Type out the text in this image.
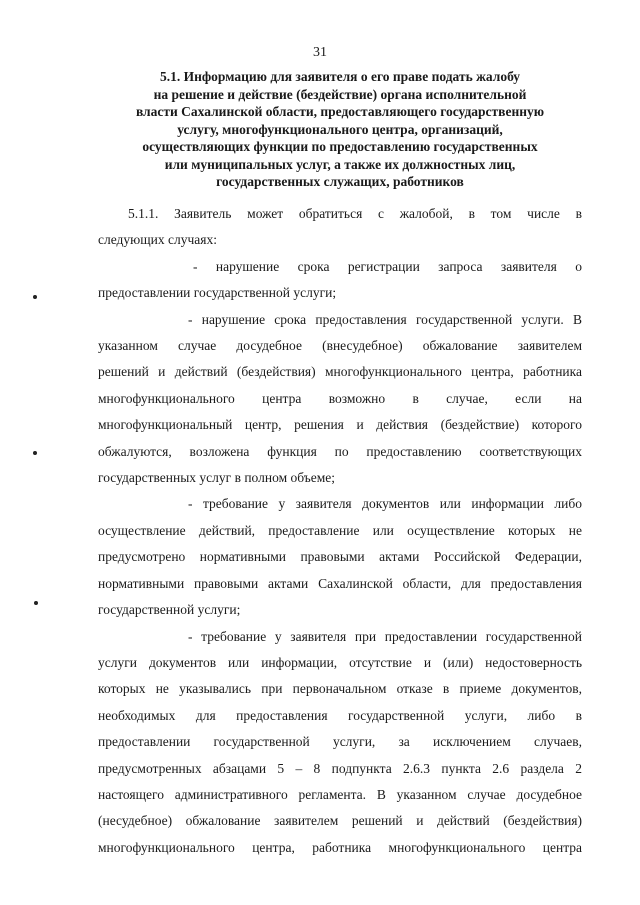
31
5.1. Информацию для заявителя о его праве подать жалобу
на решение и действие (бездействие) органа исполнительной
власти Сахалинской области, предоставляющего государственную
услугу, многофункционального центра, организаций,
осуществляющих функции по предоставлению государственных
или муниципальных услуг, а также их должностных лиц,
государственных служащих, работников
5.1.1. Заявитель может обратиться с жалобой, в том числе в
следующих случаях:
- нарушение срока регистрации запроса заявителя о
предоставлении государственной услуги;
- нарушение срока предоставления государственной услуги. В
указанном случае досудебное (внесудебное) обжалование заявителем
решений и действий (бездействия) многофункционального центра, работника
многофункционального центра возможно в случае, если на
многофункциональный центр, решения и действия (бездействие) которого
обжалуются, возложена функция по предоставлению соответствующих
государственных услуг в полном объеме;
- требование у заявителя документов или информации либо
осуществление действий, предоставление или осуществление которых не
предусмотрено нормативными правовыми актами Российской Федерации,
нормативными правовыми актами Сахалинской области, для предоставления
государственной услуги;
- требование у заявителя при предоставлении государственной
услуги документов или информации, отсутствие и (или) недостоверность
которых не указывались при первоначальном отказе в приеме документов,
необходимых для предоставления государственной услуги, либо в
предоставлении государственной услуги, за исключением случаев,
предусмотренных абзацами 5 – 8 подпункта 2.6.3 пункта 2.6 раздела 2
настоящего административного регламента. В указанном случае досудебное
(несудебное) обжалование заявителем решений и действий (бездействия)
многофункционального центра, работника многофункционального центра
